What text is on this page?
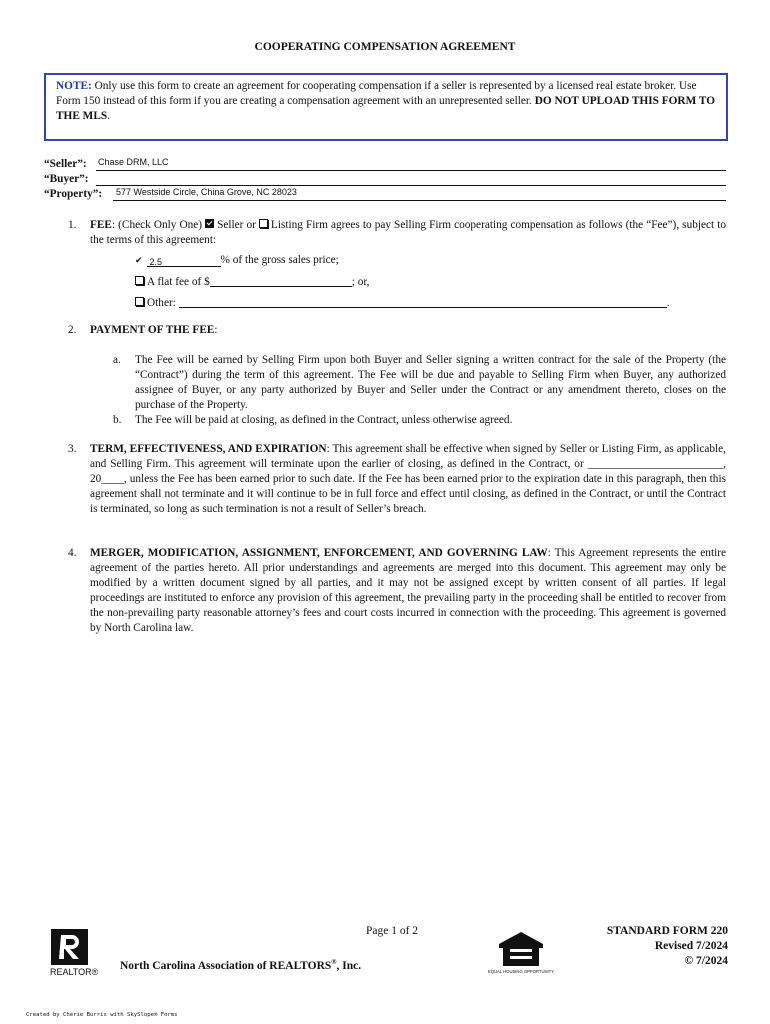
COOPERATING COMPENSATION AGREEMENT
NOTE: Only use this form to create an agreement for cooperating compensation if a seller is represented by a licensed real estate broker. Use Form 150 instead of this form if you are creating a compensation agreement with an unrepresented seller. DO NOT UPLOAD THIS FORM TO THE MLS.
“Seller”: Chase DRM, LLC
“Buyer”:
“Property”: 577 Westside Circle, China Grove, NC 28023
1. FEE: (Check Only One) Seller or Listing Firm agrees to pay Selling Firm cooperating compensation as follows (the “Fee”), subject to the terms of this agreement:
✔ 2.5	% of the gross sales price;
A flat fee of $	; or,
Other:	.
2. PAYMENT OF THE FEE:
a. The Fee will be earned by Selling Firm upon both Buyer and Seller signing a written contract for the sale of the Property (the “Contract”) during the term of this agreement. The Fee will be due and payable to Selling Firm when Buyer, any authorized assignee of Buyer, or any party authorized by Buyer and Seller under the Contract or any amendment thereto, closes on the purchase of the Property.
b. The Fee will be paid at closing, as defined in the Contract, unless otherwise agreed.
3. TERM, EFFECTIVENESS, AND EXPIRATION: This agreement shall be effective when signed by Seller or Listing Firm, as applicable, and Selling Firm. This agreement will terminate upon the earlier of closing, as defined in the Contract, or ________________________, 20____, unless the Fee has been earned prior to such date. If the Fee has been earned prior to the expiration date in this paragraph, then this agreement shall not terminate and it will continue to be in full force and effect until closing, as defined in the Contract, or until the Contract is terminated, so long as such termination is not a result of Seller’s breach.
4. MERGER, MODIFICATION, ASSIGNMENT, ENFORCEMENT, AND GOVERNING LAW: This Agreement represents the entire agreement of the parties hereto. All prior understandings and agreements are merged into this document. This agreement may only be modified by a written document signed by all parties, and it may not be assigned except by written consent of all parties. If legal proceedings are instituted to enforce any provision of this agreement, the prevailing party in the proceeding shall be entitled to recover from the non-prevailing party reasonable attorney’s fees and court costs incurred in connection with the proceeding. This agreement is governed by North Carolina law.
Page 1 of 2
REALTOR®
North Carolina Association of REALTORS®, Inc.	EQUAL HOUSING OPPORTUNITY
STANDARD FORM 220
Revised 7/2024
© 7/2024
Created by Cherie Burris with SkySlope® Forms
